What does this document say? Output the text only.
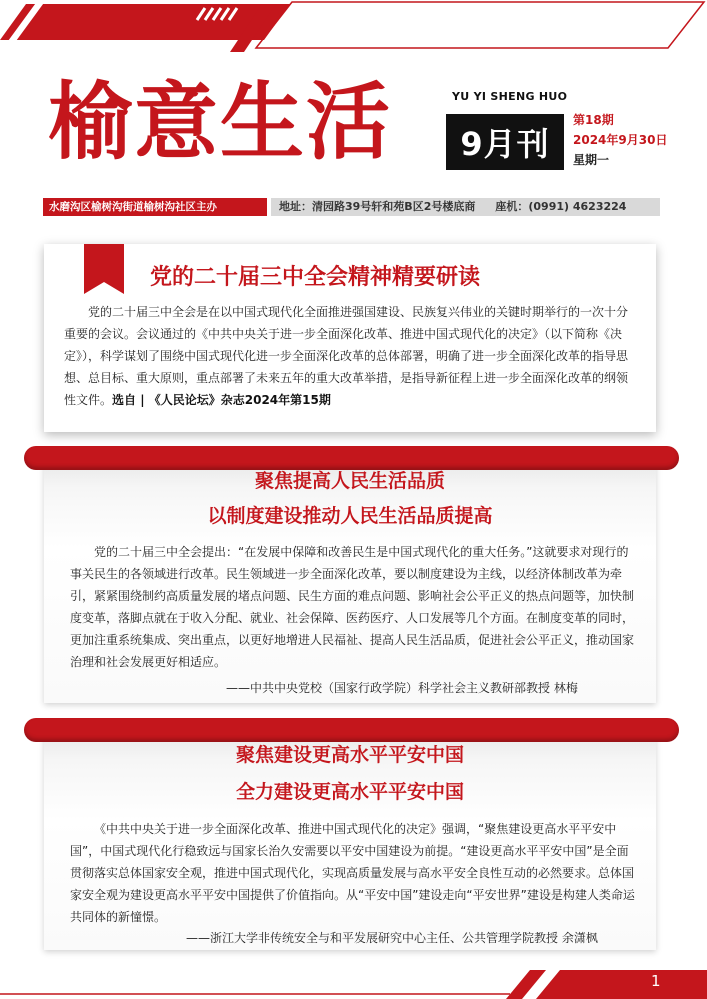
榆意生活	YU YI SHENG HUO
9月刊
第18期
2024年9月30日
星期一
水磨沟区榆树沟街道榆树沟社区主办	地址：清园路39号轩和苑B区2号楼底商 座机：(0991) 4623224
党的二十届三中全会精神精要研读
党的二十届三中全会是在以中国式现代化全面推进强国建设、民族复兴伟业的关键时期举行的一次十分重要的会议。会议通过的《中共中央关于进一步全面深化改革、推进中国式现代化的决定》（以下简称《决定》），科学谋划了围绕中国式现代化进一步全面深化改革的总体部署，明确了进一步全面深化改革的指导思想、总目标、重大原则，重点部署了未来五年的重大改革举措，是指导新征程上进一步全面深化改革的纲领性文件。选自 | 《人民论坛》杂志2024年第15期
聚焦提高人民生活品质
以制度建设推动人民生活品质提高
党的二十届三中全会提出：“在发展中保障和改善民生是中国式现代化的重大任务。”这就要求对现行的事关民生的各领域进行改革。民生领域进一步全面深化改革，要以制度建设为主线，以经济体制改革为牵引，紧紧围绕制约高质量发展的堵点问题、民生方面的难点问题、影响社会公平正义的热点问题等，加快制度变革，落脚点就在于收入分配、就业、社会保障、医药医疗、人口发展等几个方面。在制度变革的同时，更加注重系统集成、突出重点，以更好地增进人民福祉、提高人民生活品质，促进社会公平正义，推动国家治理和社会发展更好相适应。
——中共中央党校（国家行政学院）科学社会主义教研部教授 林梅
聚焦建设更高水平平安中国
全力建设更高水平平安中国
《中共中央关于进一步全面深化改革、推进中国式现代化的决定》强调，“聚焦建设更高水平平安中国”，中国式现代化行稳致远与国家长治久安需要以平安中国建设为前提。“建设更高水平平安中国”是全面贯彻落实总体国家安全观，推进中国式现代化，实现高质量发展与高水平安全良性互动的必然要求。总体国家安全观为建设更高水平平安中国提供了价值指向。从“平安中国”建设走向“平安世界”建设是构建人类命运共同体的新憧憬。
——浙江大学非传统安全与和平发展研究中心主任、公共管理学院教授 余潇枫
1
